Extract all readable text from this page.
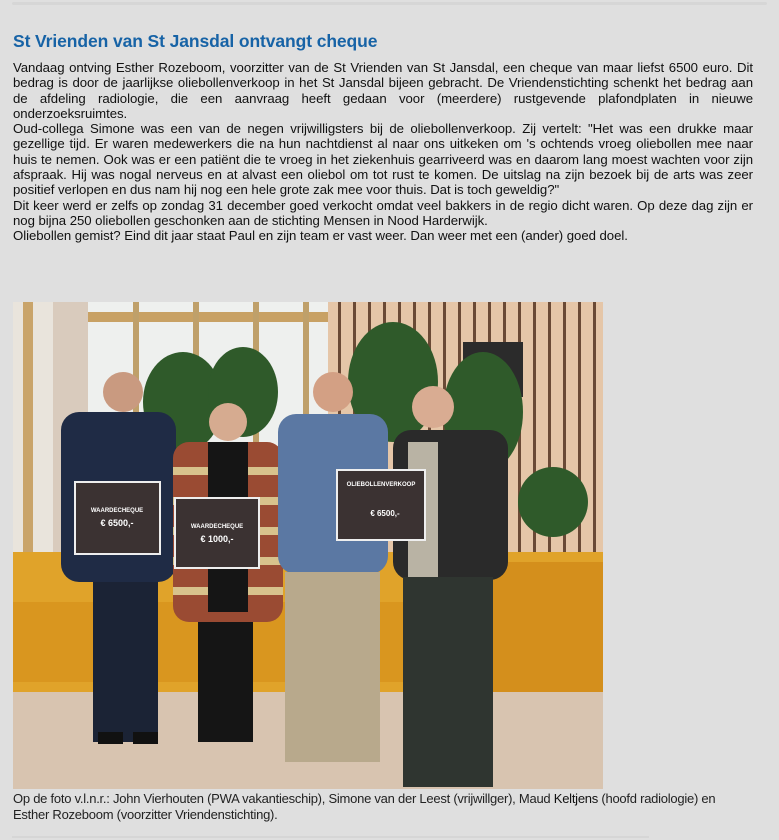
St Vrienden van St Jansdal ontvangt cheque

Vandaag ontving Esther Rozeboom, voorzitter van de St Vrienden van St Jansdal, een cheque van maar liefst 6500 euro. Dit bedrag is door de jaarlijkse oliebollenverkoop in het St Jansdal bijeen gebracht. De Vriendenstichting schenkt het bedrag aan de afdeling radiologie, die een aanvraag heeft gedaan voor (meerdere) rustgevende plafondplaten in nieuwe onderzoeksruimtes.

Oud-collega Simone was een van de negen vrijwilligsters bij de oliebollenverkoop. Zij vertelt: "Het was een drukke maar gezellige tijd. Er waren medewerkers die na hun nachtdienst al naar ons uitkeken om 's ochtends vroeg oliebollen mee naar huis te nemen. Ook was er een patiënt die te vroeg in het ziekenhuis gearriveerd was en daarom lang moest wachten voor zijn afspraak. Hij was nogal nerveus en at alvast een oliebol om tot rust te komen. De uitslag na zijn bezoek bij de arts was zeer positief verlopen en dus nam hij nog een hele grote zak mee voor thuis. Dat is toch geweldig?"

Dit keer werd er zelfs op zondag 31 december goed verkocht omdat veel bakkers in de regio dicht waren. Op deze dag zijn er nog bijna 250 oliebollen geschonken aan de stichting Mensen in Nood Harderwijk.

Oliebollen gemist? Eind dit jaar staat Paul en zijn team er vast weer. Dan weer met een (ander) goed doel.

WAARDECHEQUE
€ 6500,-	WAARDECHEQUE
€ 1000,-
OLIEBOLLENVERKOOP
€ 6500,-
Op de foto v.l.n.r.: John Vierhouten (PWA vakantieschip), Simone van der Leest (vrijwillger), Maud Keltjens (hoofd radiologie) en Esther Rozeboom (voorzitter Vriendenstichting).
